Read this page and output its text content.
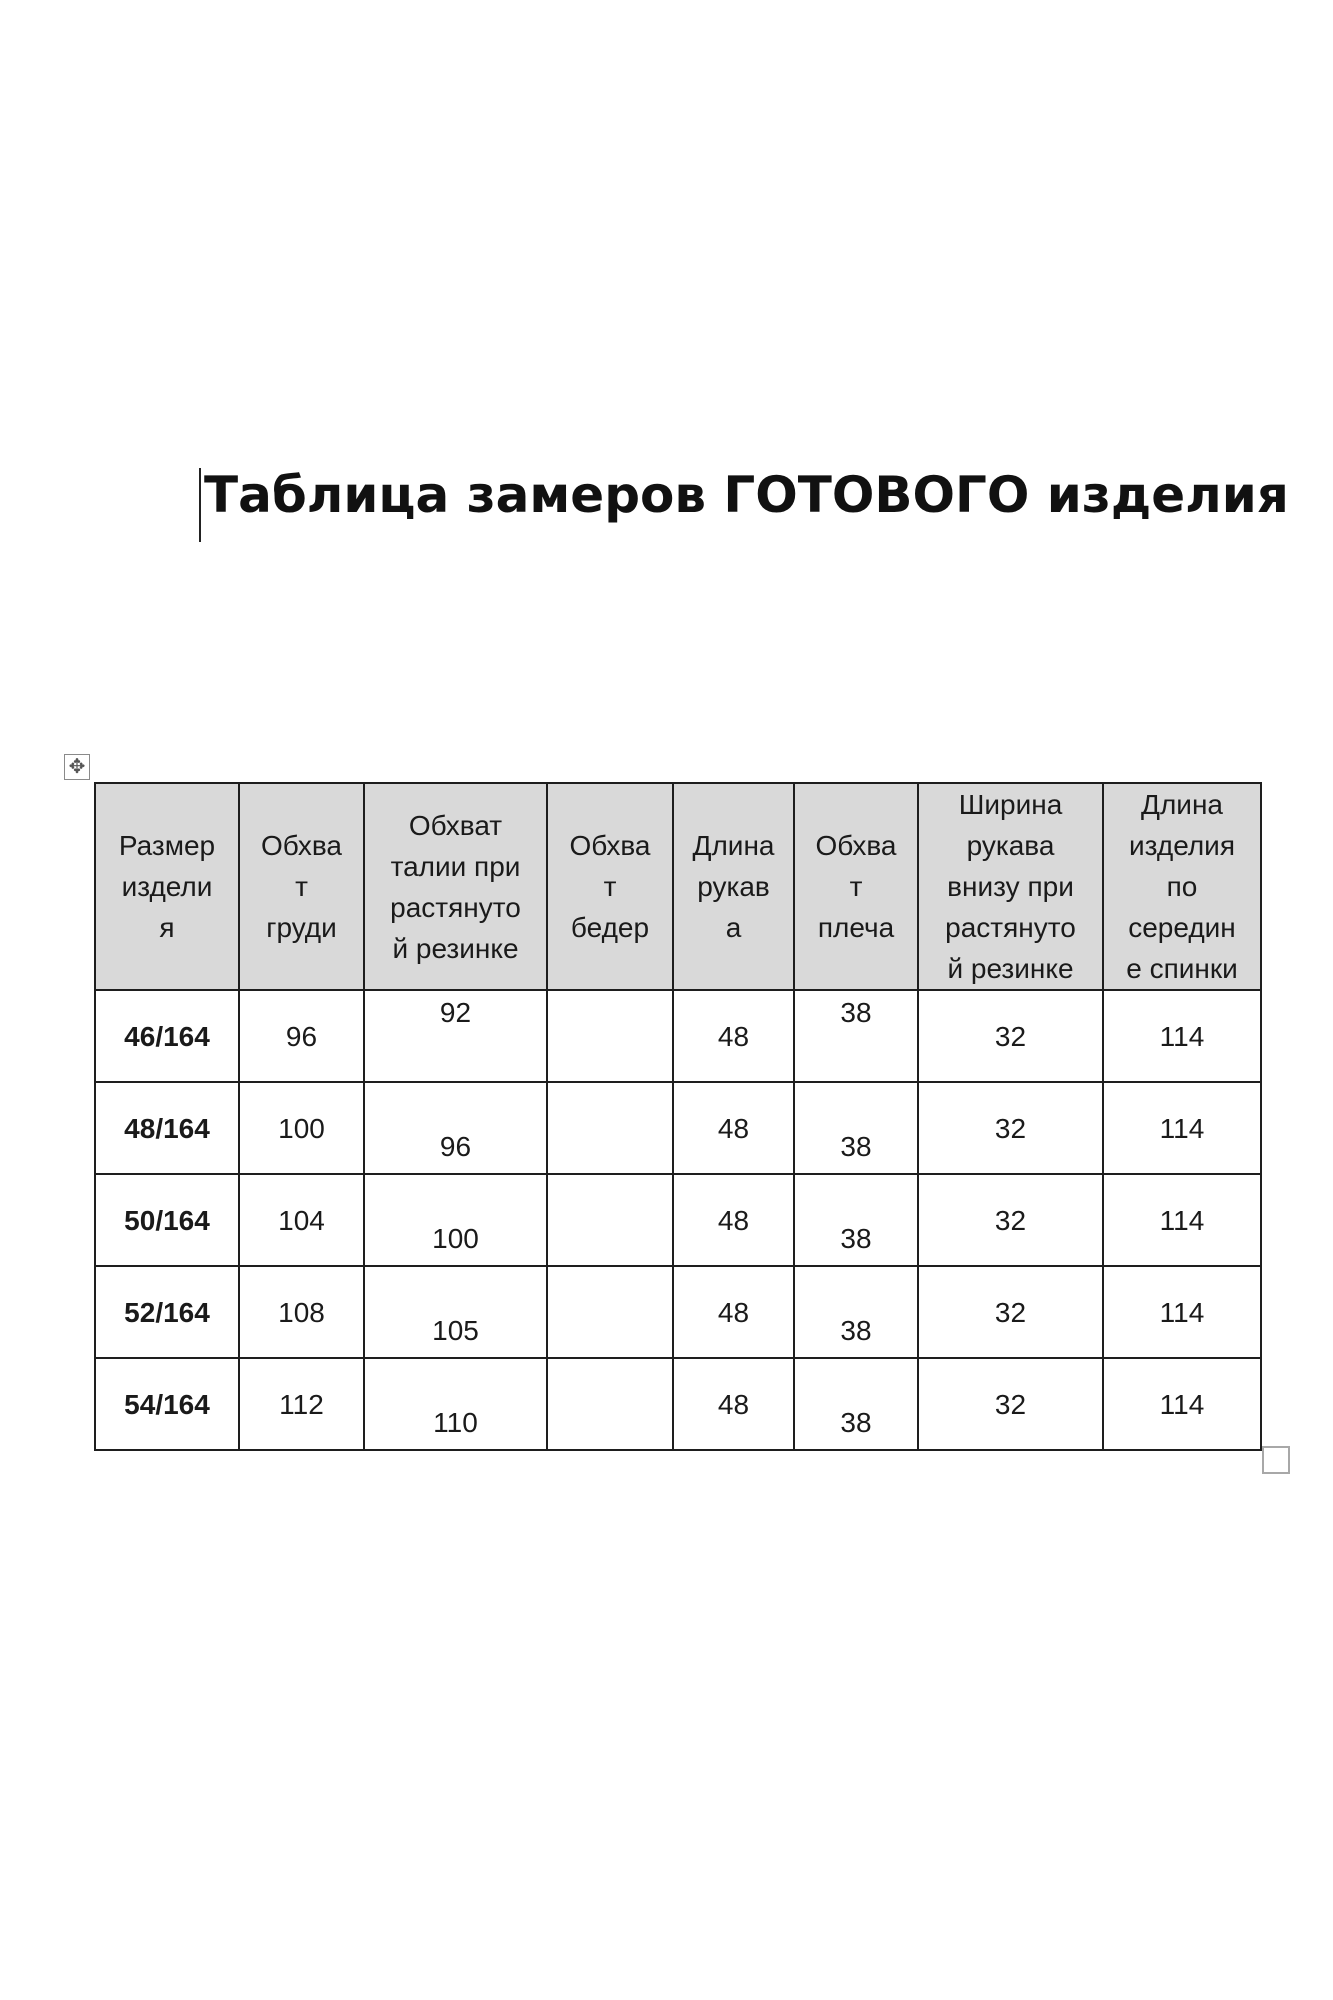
Таблица замеров ГОТОВОГО изделия
✥
Размер
издели
я	Обхва
т
груди	Обхват
талии при
растянуто
й резинке	Обхва
т
бедер	Длина
рукав
а	Обхва
т
плеча	Ширина
рукава
внизу при
растянуто
й резинке	Длина
изделия
по
середин
е спинки

46/164	96	92		48	38	32	114
48/164	100	96		48	38	32	114
50/164	104	100		48	38	32	114
52/164	108	105		48	38	32	114
54/164	112	110		48	38	32	114
